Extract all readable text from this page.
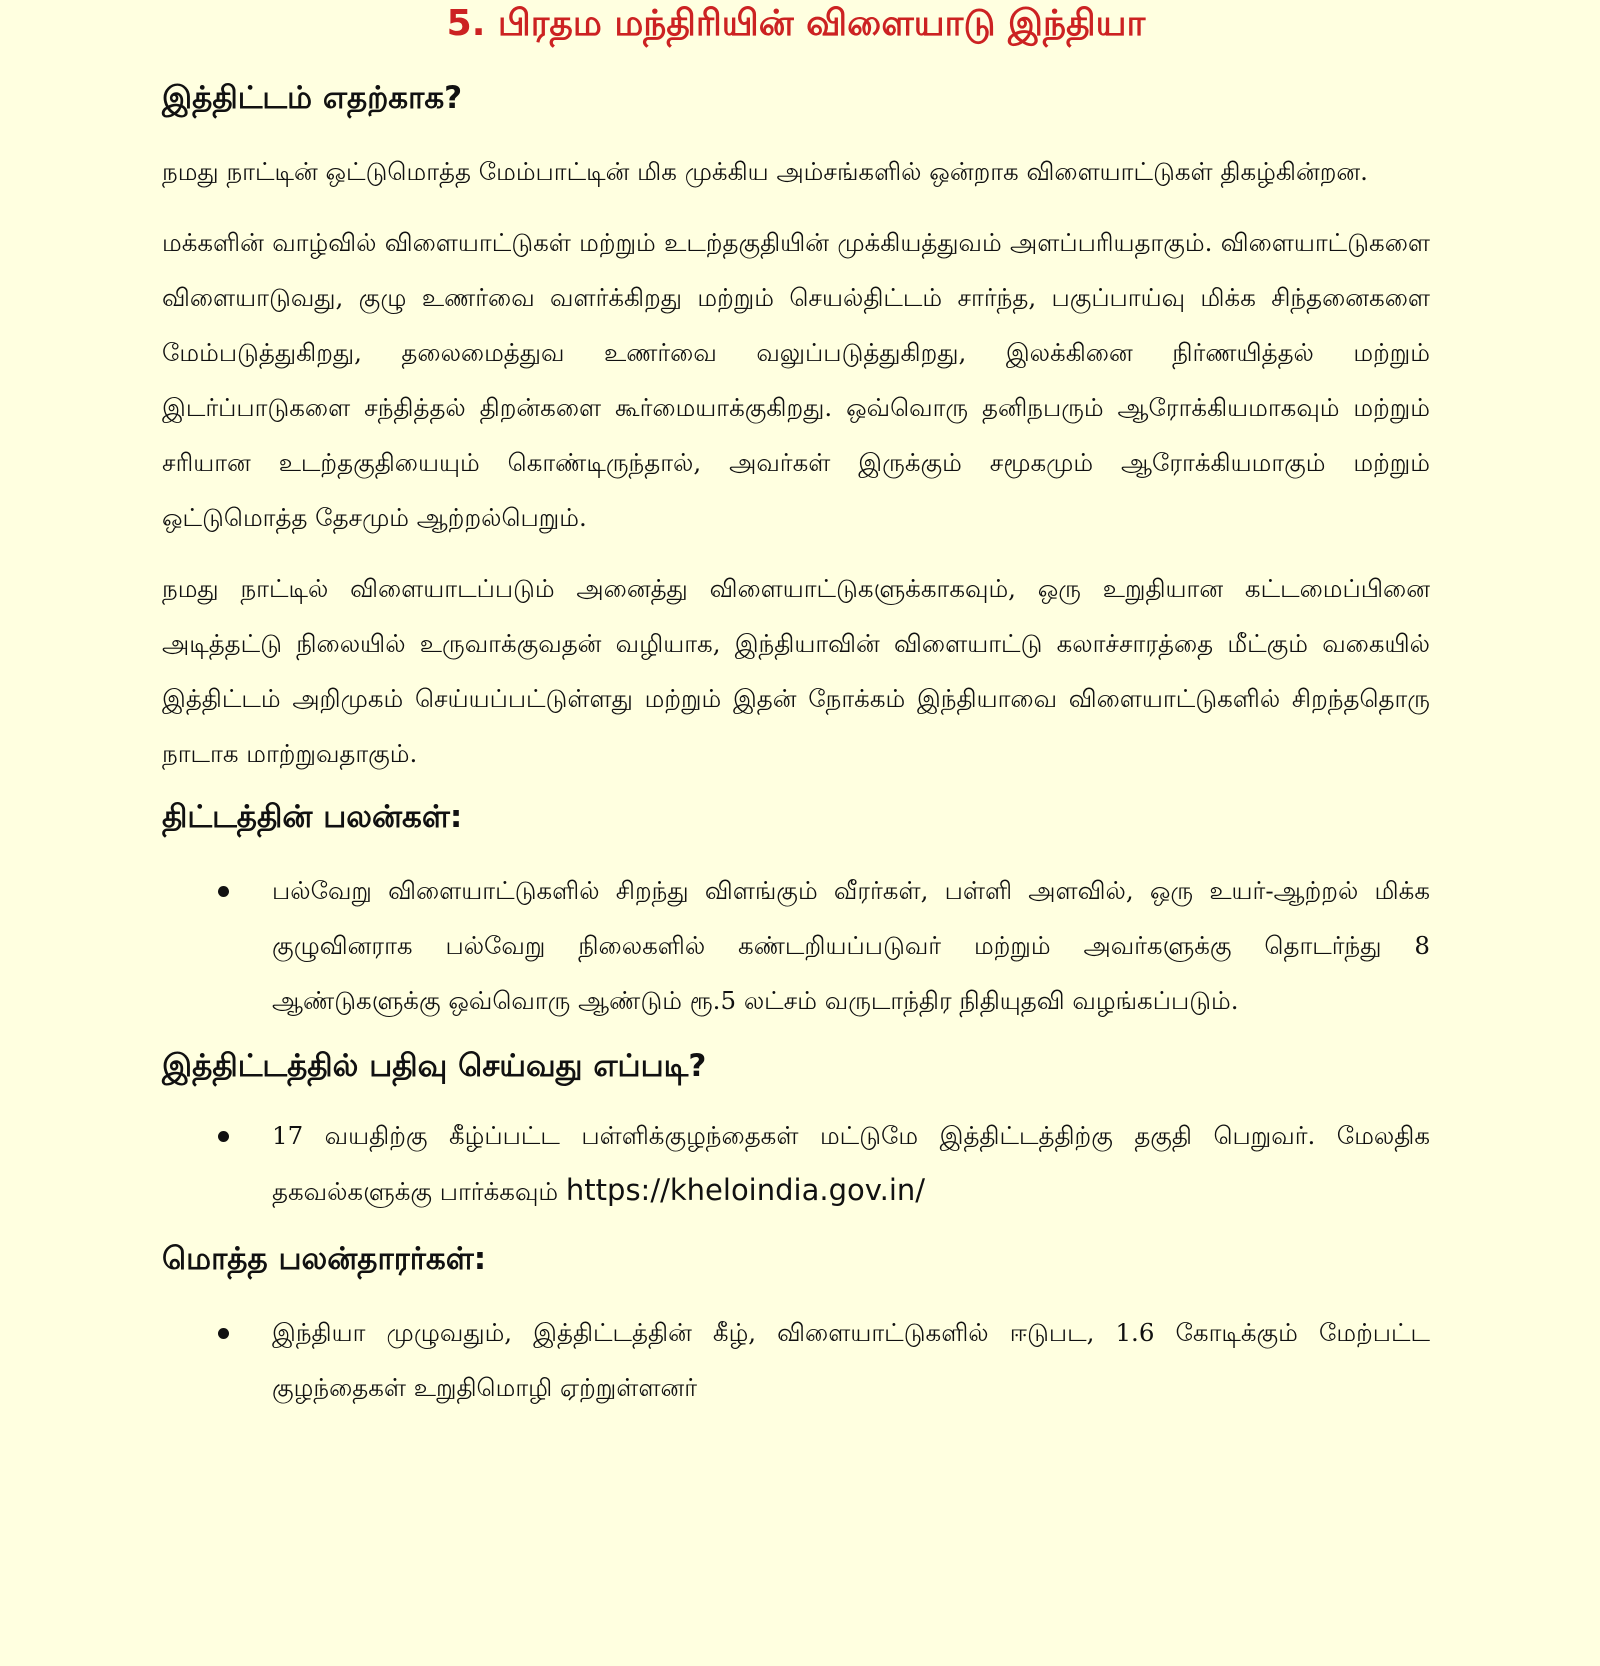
5. பிரதம மந்திரியின் விளையாடு இந்தியா
இத்திட்டம் எதற்காக?

நமது நாட்டின் ஒட்டுமொத்த மேம்பாட்டின் மிக முக்கிய அம்சங்களில் ஒன்றாக விளையாட்டுகள் திகழ்கின்றன.

மக்களின் வாழ்வில் விளையாட்டுகள் மற்றும் உடற்தகுதியின் முக்கியத்துவம் அளப்பரியதாகும். விளையாட்டுகளை விளையாடுவது, குழு உணர்வை வளர்க்கிறது மற்றும் செயல்திட்டம் சார்ந்த, பகுப்பாய்வு மிக்க சிந்தனைகளை மேம்படுத்துகிறது, தலைமைத்துவ உணர்வை வலுப்படுத்துகிறது, இலக்கினை நிர்ணயித்தல் மற்றும் இடர்ப்பாடுகளை சந்தித்தல் திறன்களை கூர்மையாக்குகிறது. ஒவ்வொரு தனிநபரும் ஆரோக்கியமாகவும் மற்றும் சரியான உடற்தகுதியையும் கொண்டிருந்தால், அவர்கள் இருக்கும் சமூகமும் ஆரோக்கியமாகும் மற்றும் ஒட்டுமொத்த தேசமும் ஆற்றல்பெறும்.

நமது நாட்டில் விளையாடப்படும் அனைத்து விளையாட்டுகளுக்காகவும், ஒரு உறுதியான கட்டமைப்பினை அடித்தட்டு நிலையில் உருவாக்குவதன் வழியாக, இந்தியாவின் விளையாட்டு கலாச்சாரத்தை மீட்கும் வகையில் இத்திட்டம் அறிமுகம் செய்யப்பட்டுள்ளது மற்றும் இதன் நோக்கம் இந்தியாவை விளையாட்டுகளில் சிறந்ததொரு நாடாக மாற்றுவதாகும்.

திட்டத்தின் பலன்கள்:
பல்வேறு விளையாட்டுகளில் சிறந்து விளங்கும் வீரர்கள், பள்ளி அளவில், ஒரு உயர்-ஆற்றல் மிக்க குழுவினராக பல்வேறு நிலைகளில் கண்டறியப்படுவர் மற்றும் அவர்களுக்கு தொடர்ந்து 8 ஆண்டுகளுக்கு ஒவ்வொரு ஆண்டும் ரூ.5 லட்சம் வருடாந்திர நிதியுதவி வழங்கப்படும்.
இத்திட்டத்தில் பதிவு செய்வது எப்படி?
17 வயதிற்கு கீழ்ப்பட்ட பள்ளிக்குழந்தைகள் மட்டுமே இத்திட்டத்திற்கு தகுதி பெறுவர். மேலதிக தகவல்களுக்கு பார்க்கவும் https://kheloindia.gov.in/
மொத்த பலன்தாரர்கள்:
இந்தியா முழுவதும், இத்திட்டத்தின் கீழ், விளையாட்டுகளில் ஈடுபட, 1.6 கோடிக்கும் மேற்பட்ட குழந்தைகள் உறுதிமொழி ஏற்றுள்ளனர்
